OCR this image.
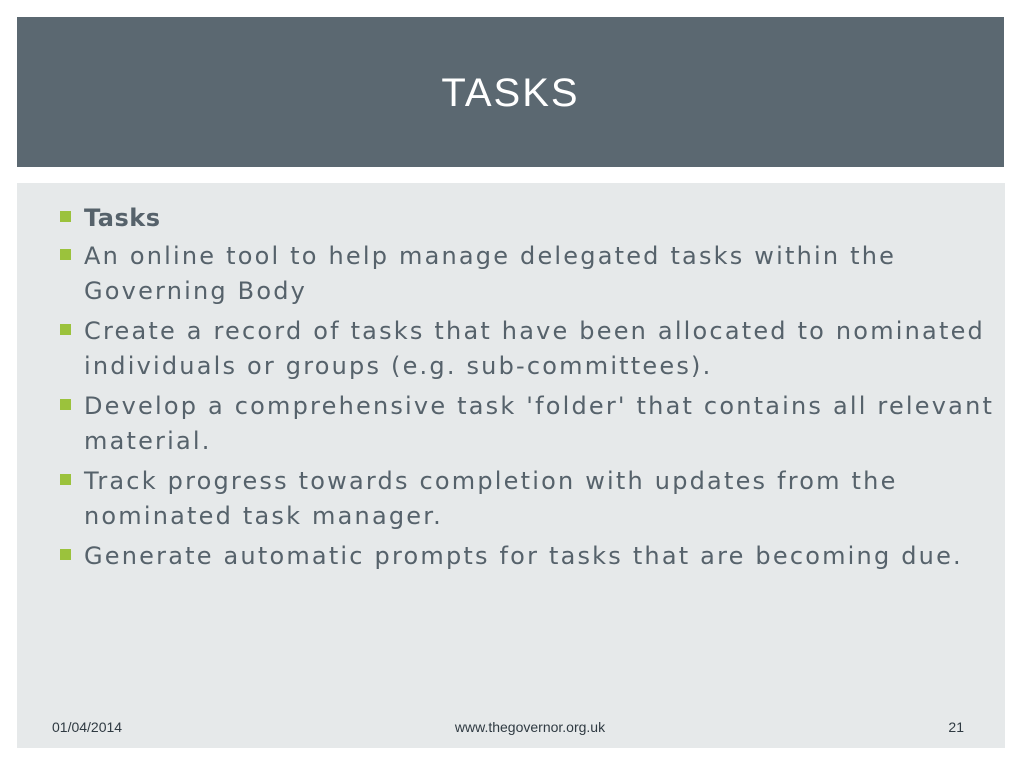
TASKS
Tasks
An online tool to help manage delegated tasks within the Governing Body
Create a record of tasks that have been allocated to nominated individuals or groups (e.g. sub-committees).
Develop a comprehensive task 'folder' that contains all relevant material.
Track progress towards completion with updates from the nominated task manager.
Generate automatic prompts for tasks that are becoming due.
01/04/2014	www.thegovernor.org.uk	21
